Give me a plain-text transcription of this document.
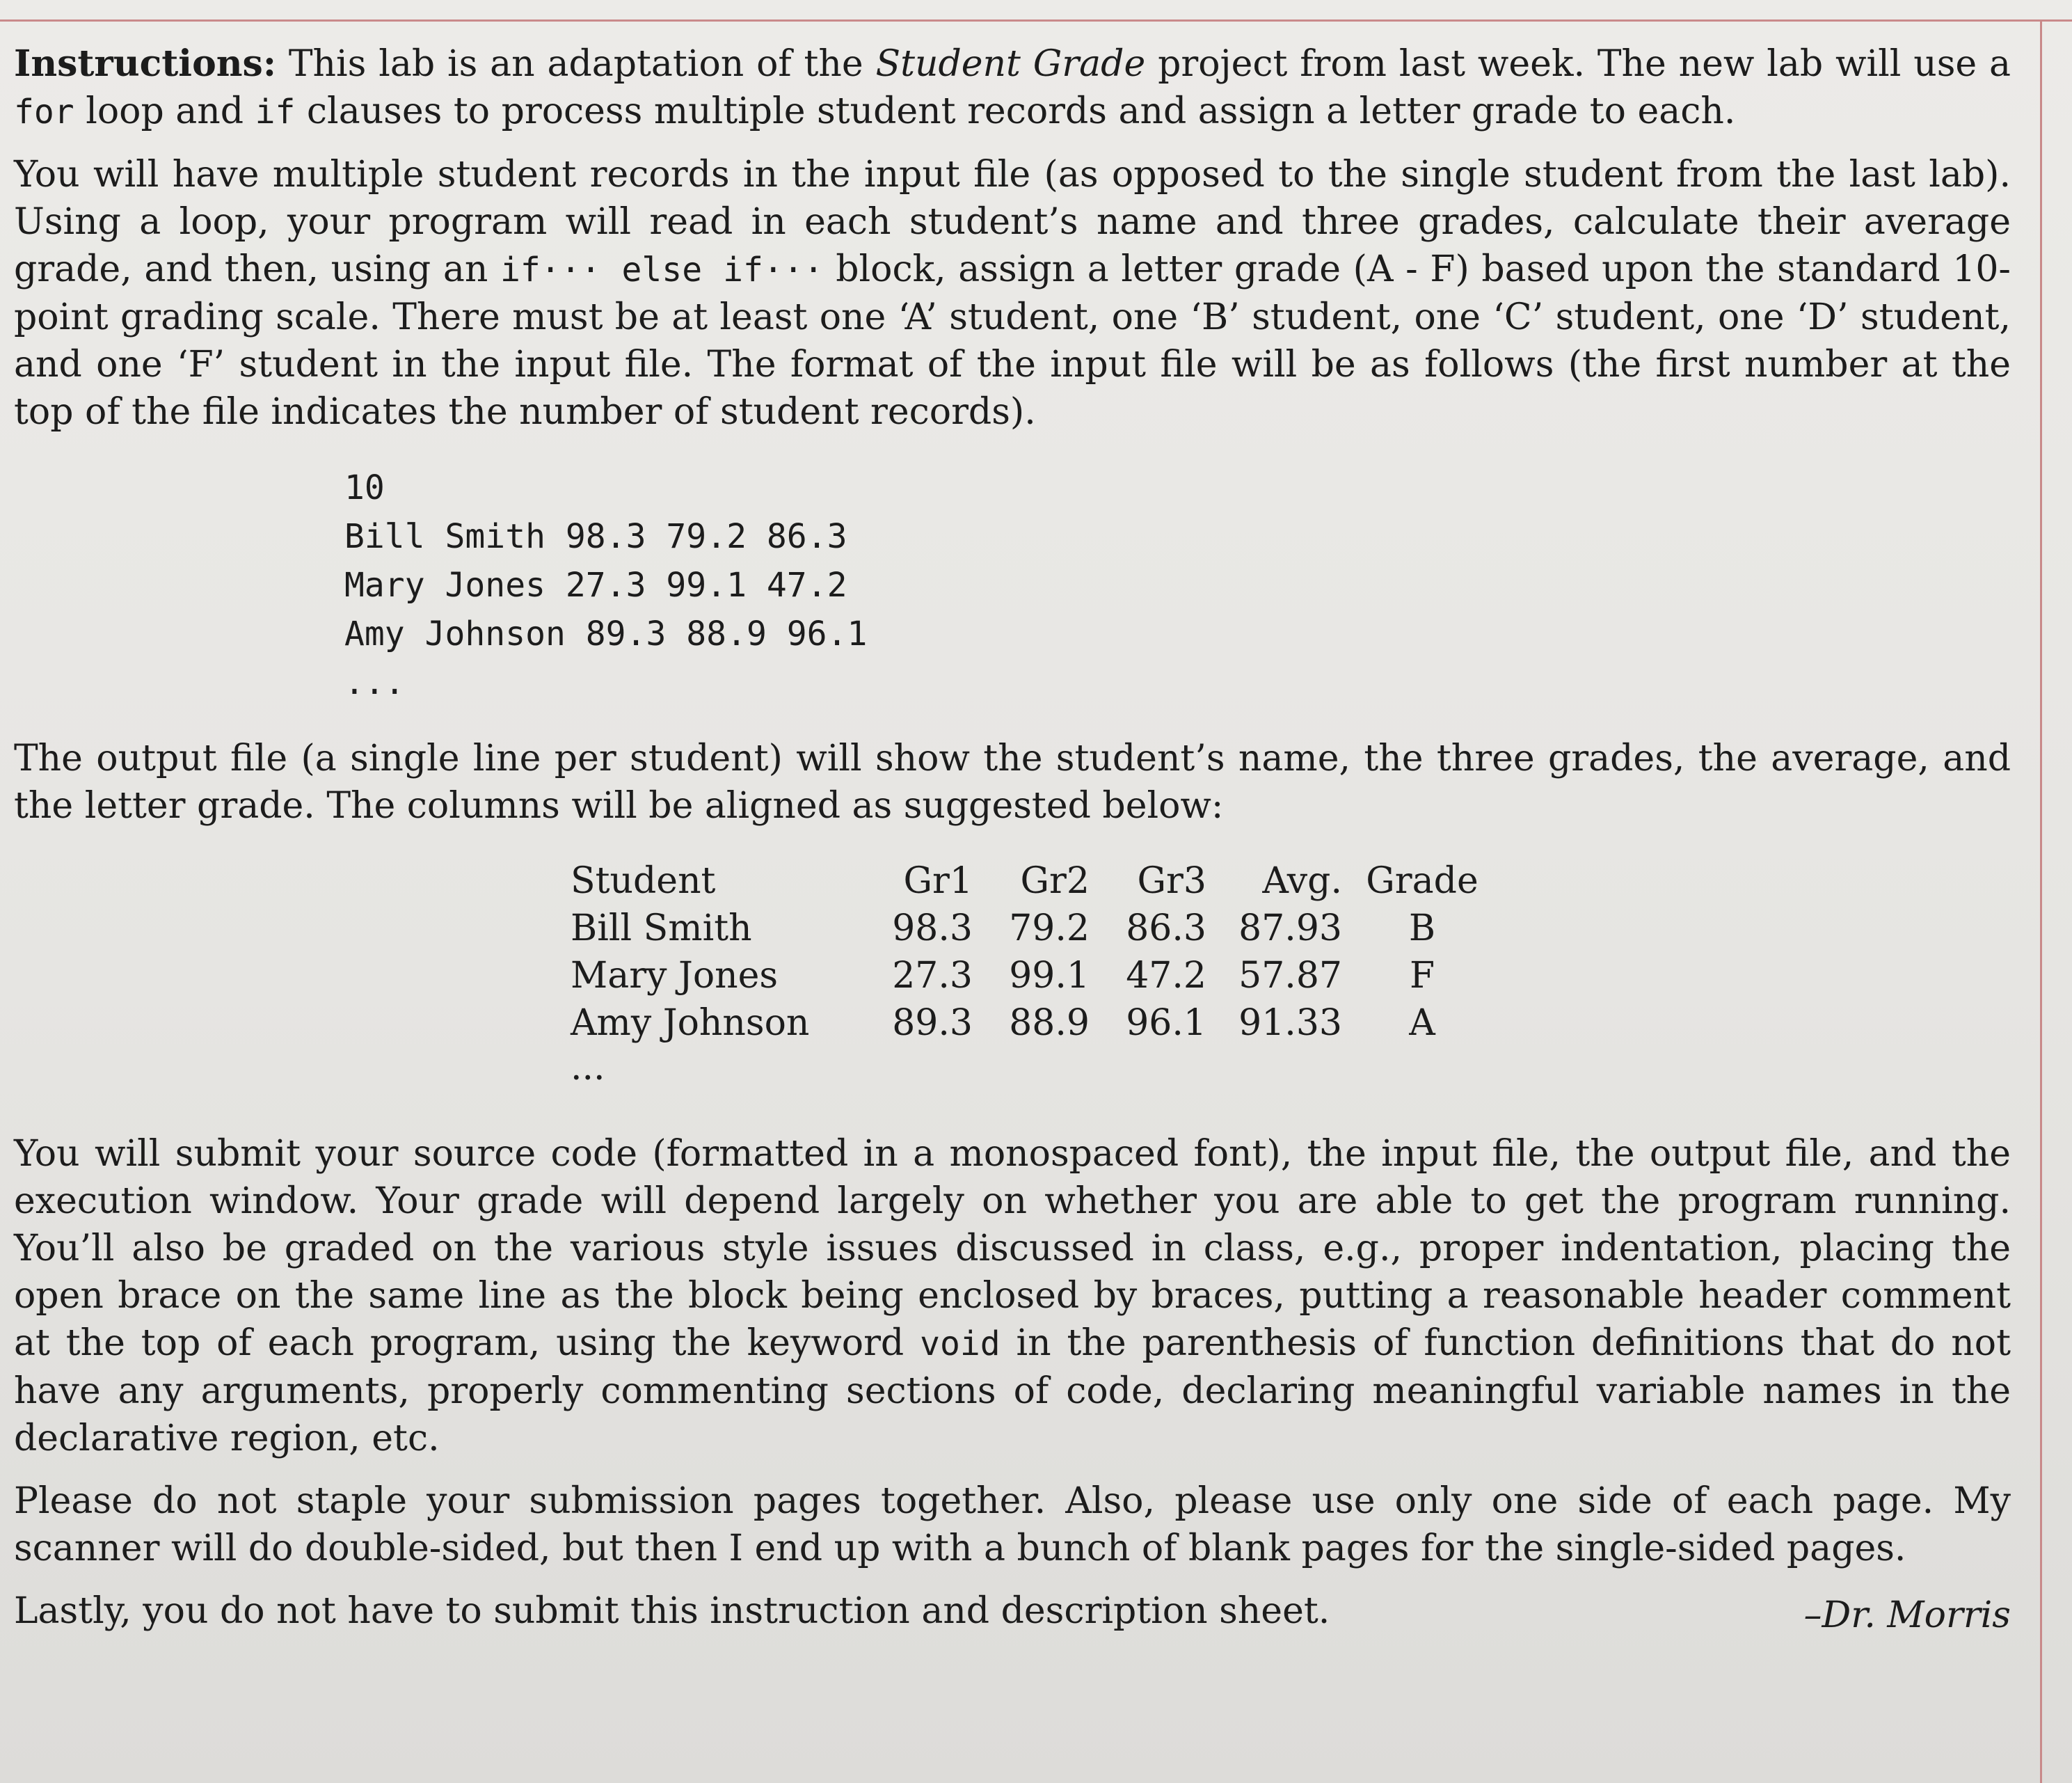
Instructions: This lab is an adaptation of the Student Grade project from last week. The new lab will use a for loop and if clauses to process multiple student records and assign a letter grade to each.

You will have multiple student records in the input file (as opposed to the single student from the last lab). Using a loop, your program will read in each student’s name and three grades, calculate their average grade, and then, using an if··· else if··· block, assign a letter grade (A - F) based upon the standard 10-point grading scale. There must be at least one ‘A’ student, one ‘B’ student, one ‘C’ student, one ‘D’ student, and one ‘F’ student in the input file. The format of the input file will be as follows (the first number at the top of the file indicates the number of student records).

10
Bill Smith 98.3 79.2 86.3
Mary Jones 27.3 99.1 47.2
Amy Johnson 89.3 88.9 96.1
...

The output file (a single line per student) will show the student’s name, the three grades, the average, and the letter grade. The columns will be aligned as suggested below:

Student	Gr1	Gr2	Gr3	Avg.	Grade
Bill Smith	98.3	79.2	86.3	87.93	B
Mary Jones	27.3	99.1	47.2	57.87	F
Amy Johnson	89.3	88.9	96.1	91.33	A
...					

You will submit your source code (formatted in a monospaced font), the input file, the output file, and the execution window. Your grade will depend largely on whether you are able to get the program running. You’ll also be graded on the various style issues discussed in class, e.g., proper indentation, placing the open brace on the same line as the block being enclosed by braces, putting a reasonable header comment at the top of each program, using the keyword void in the parenthesis of function definitions that do not have any arguments, properly commenting sections of code, declaring meaningful variable names in the declarative region, etc.

Please do not staple your submission pages together. Also, please use only one side of each page. My scanner will do double-sided, but then I end up with a bunch of blank pages for the single-sided pages.

Lastly, you do not have to submit this instruction and description sheet.	–Dr. Morris
